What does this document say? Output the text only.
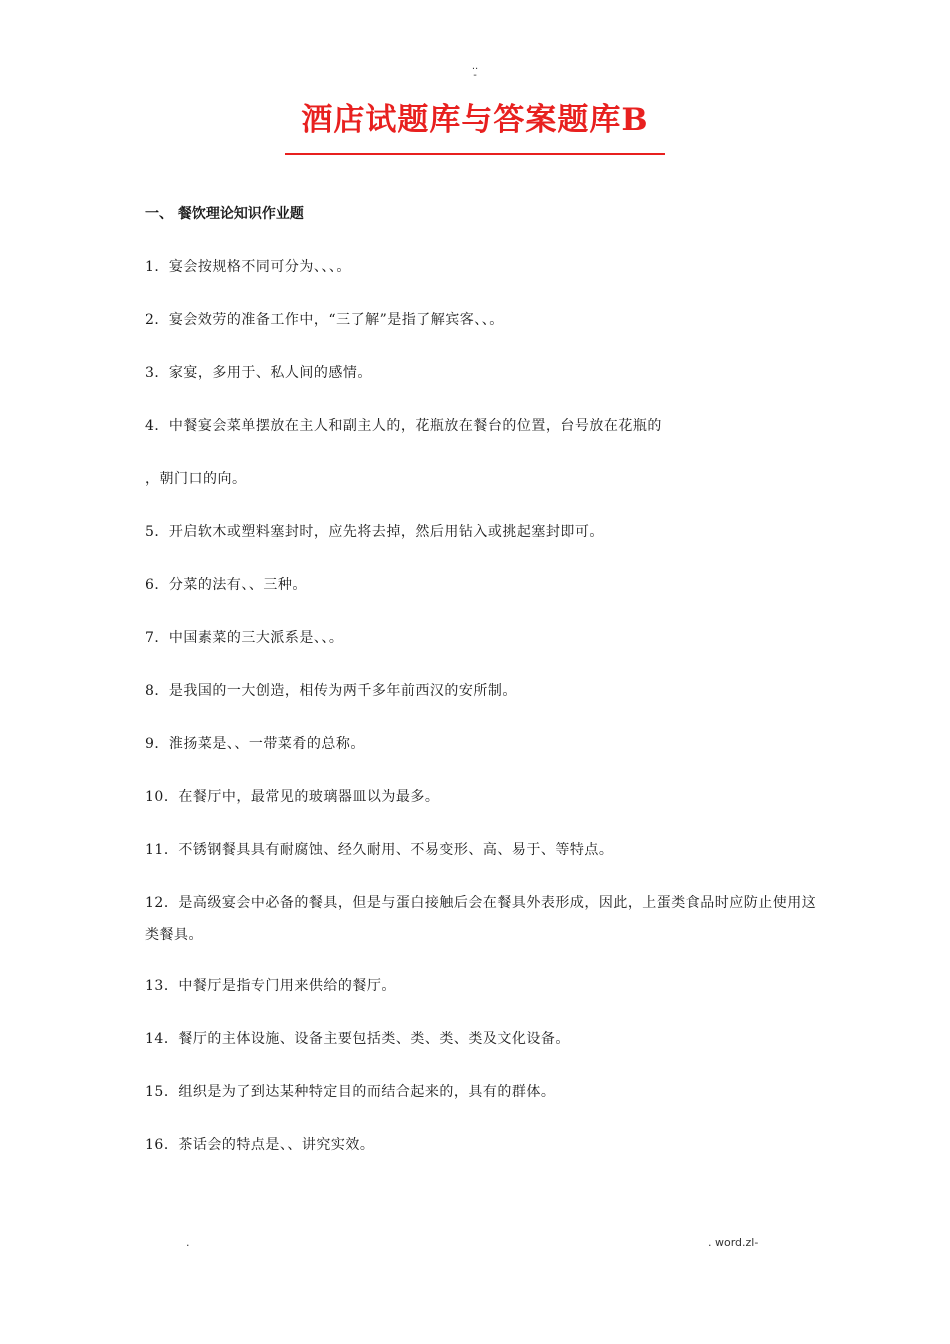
..
-
酒店试题库与答案题库B
一、 餐饮理论知识作业题
1．宴会按规格不同可分为、、、。
2．宴会效劳的准备工作中，“三了解”是指了解宾客、、。
3．家宴，多用于、私人间的感情。
4．中餐宴会菜单摆放在主人和副主人的，花瓶放在餐台的位置，台号放在花瓶的
，朝门口的向。
5．开启软木或塑料塞封时，应先将去掉，然后用钻入或挑起塞封即可。
6．分菜的法有、、三种。
7．中国素菜的三大派系是、、。
8．是我国的一大创造，相传为两千多年前西汉的安所制。
9．淮扬菜是、、一带菜肴的总称。
10．在餐厅中，最常见的玻璃器皿以为最多。
11．不锈钢餐具具有耐腐蚀、经久耐用、不易变形、高、易于、等特点。
12．是高级宴会中必备的餐具，但是与蛋白接触后会在餐具外表形成，因此，上蛋类食品时应防止使用这类餐具。
13．中餐厅是指专门用来供给的餐厅。
14．餐厅的主体设施、设备主要包括类、类、类、类及文化设备。
15．组织是为了到达某种特定目的而结合起来的，具有的群体。
16．茶话会的特点是、、讲究实效。
.	. word.zl-
